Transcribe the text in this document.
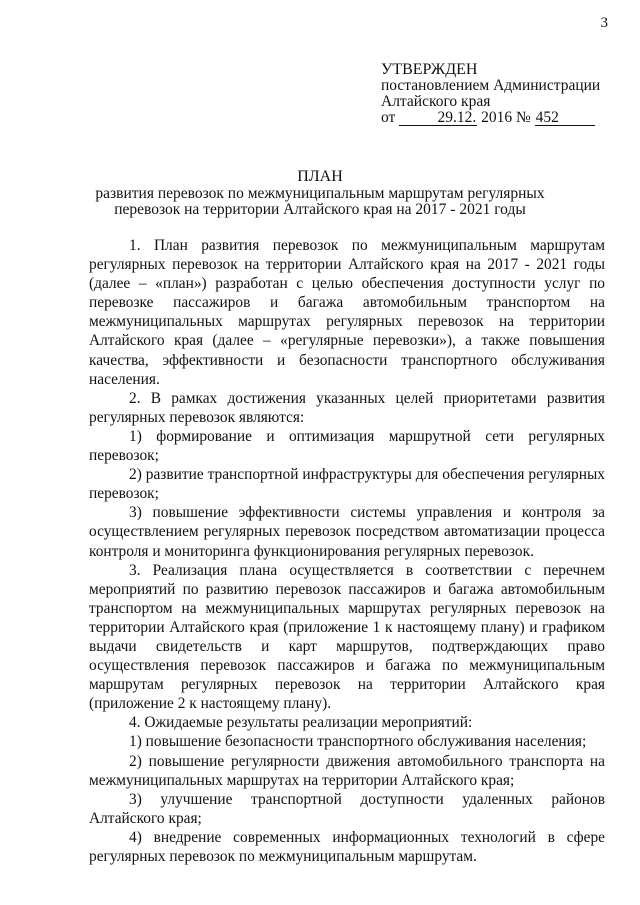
3
УТВЕРЖДЕН
постановлением Администрации
Алтайского края
от	29.12. 2016 № 452
ПЛАН
развития перевозок по межмуниципальным маршрутам регулярных
перевозок на территории Алтайского края на 2017 - 2021 годы

1. План развития перевозок по межмуниципальным маршрутам регулярных перевозок на территории Алтайского края на 2017 - 2021 годы (далее – «план») разработан с целью обеспечения доступности услуг по перевозке пассажиров и багажа автомобильным транспортом на межмуниципальных маршрутах регулярных перевозок на территории Алтайского края (далее – «регулярные перевозки»), а также повышения качества, эффективности и безопасности транспортного обслуживания населения.

2. В рамках достижения указанных целей приоритетами развития регулярных перевозок являются:

1) формирование и оптимизация маршрутной сети регулярных перевозок;

2) развитие транспортной инфраструктуры для обеспечения регулярных перевозок;

3) повышение эффективности системы управления и контроля за осуществлением регулярных перевозок посредством автоматизации процесса контроля и мониторинга функционирования регулярных перевозок.

3. Реализация плана осуществляется в соответствии с перечнем мероприятий по развитию перевозок пассажиров и багажа автомобильным транспортом на межмуниципальных маршрутах регулярных перевозок на территории Алтайского края (приложение 1 к настоящему плану) и графиком выдачи свидетельств и карт маршрутов, подтверждающих право осуществления перевозок пассажиров и багажа по межмуниципальным маршрутам регулярных перевозок на территории Алтайского края (приложение 2 к настоящему плану).

4. Ожидаемые результаты реализации мероприятий:

1) повышение безопасности транспортного обслуживания населения;

2) повышение регулярности движения автомобильного транспорта на межмуниципальных маршрутах на территории Алтайского края;

3) улучшение транспортной доступности удаленных районов Алтайского края;

4) внедрение современных информационных технологий в сфере регулярных перевозок по межмуниципальным маршрутам.
